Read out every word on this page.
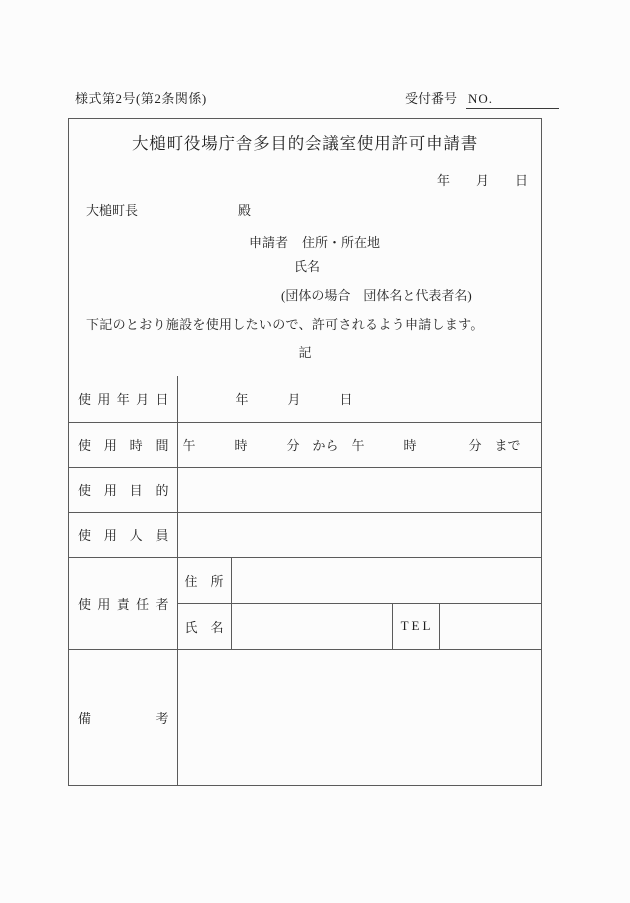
様式第2号(第2条関係)	受付番号 NO.
大槌町役場庁舎多目的会議室使用許可申請書
年　　月　　日
大槌町長	殿
申請者 住所・所在地
氏名
(団体の場合　団体名と代表者名)
下記のとおり施設を使用したいので、許可されるよう申請します。
記
使 用 年 月 日	年　　　月　　　日			

使 用 時 間	午　　　時　　　分　から　午　　　時　　　　分　まで			

使 用 目 的				

使 用 人 員				

使 用 責 任 者	住 所			

	氏 名		TEL	

備 考				
